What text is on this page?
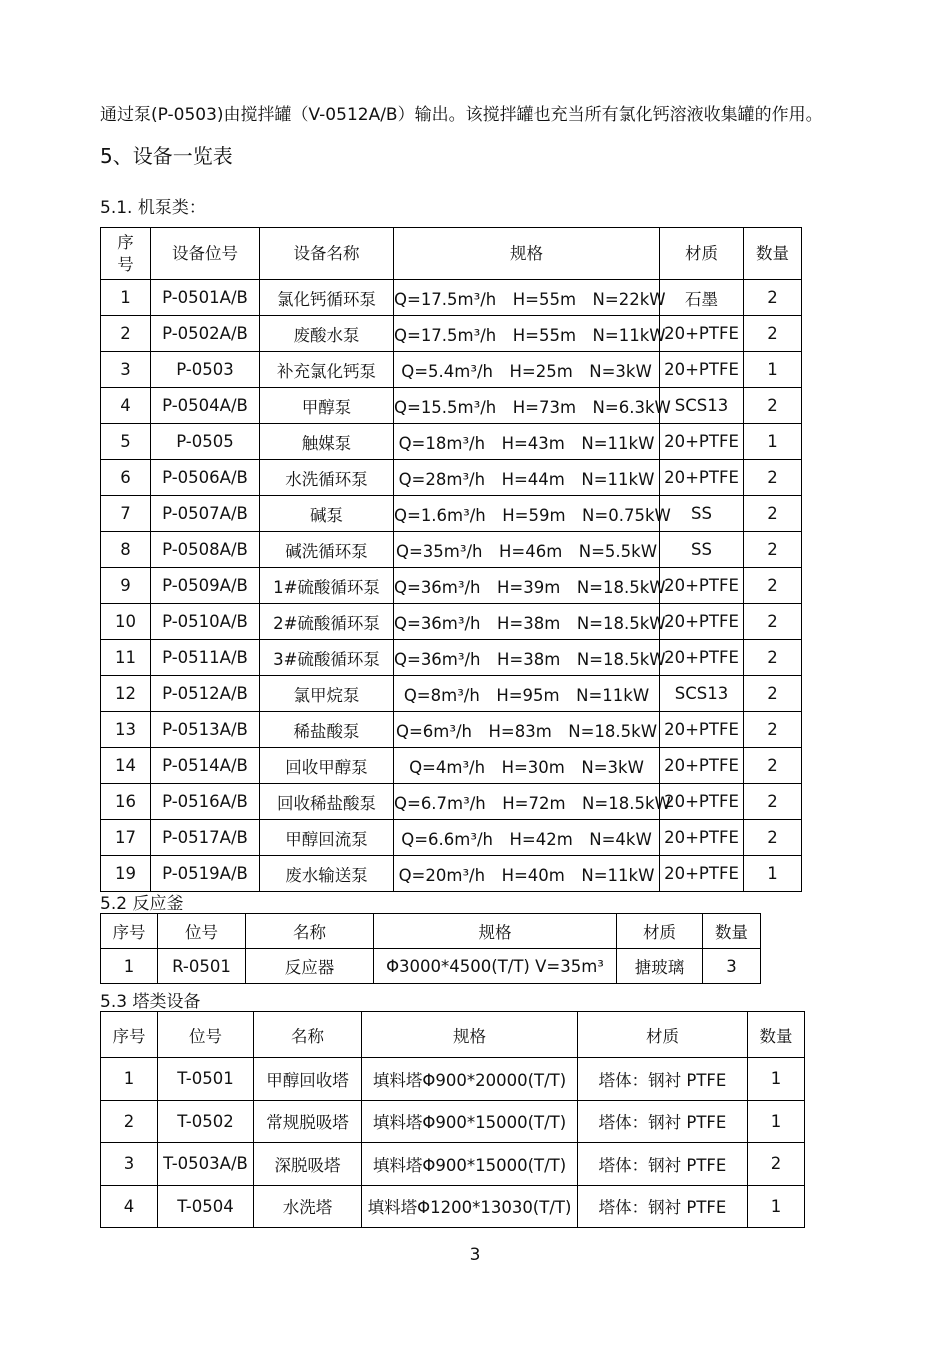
通过泵(P-0503)由搅拌罐（V-0512A/B）输出。该搅拌罐也充当所有氯化钙溶液收集罐的作用。
5、设备一览表
5.1. 机泵类：
序
号	设备位号	设备名称	规格	材质	数量
1	P-0501A/B	氯化钙循环泵	Q=17.5m³/h　H=55m　N=22kW	石墨	2
2	P-0502A/B	废酸水泵	Q=17.5m³/h　H=55m　N=11kW	20+PTFE	2
3	P-0503	补充氯化钙泵	Q=5.4m³/h　H=25m　N=3kW	20+PTFE	1
4	P-0504A/B	甲醇泵	Q=15.5m³/h　H=73m　N=6.3kW	SCS13	2
5	P-0505	触媒泵	Q=18m³/h　H=43m　N=11kW	20+PTFE	1
6	P-0506A/B	水洗循环泵	Q=28m³/h　H=44m　N=11kW	20+PTFE	2
7	P-0507A/B	碱泵	Q=1.6m³/h　H=59m　N=0.75kW	SS	2
8	P-0508A/B	碱洗循环泵	Q=35m³/h　H=46m　N=5.5kW	SS	2
9	P-0509A/B	1#硫酸循环泵	Q=36m³/h　H=39m　N=18.5kW	20+PTFE	2
10	P-0510A/B	2#硫酸循环泵	Q=36m³/h　H=38m　N=18.5kW	20+PTFE	2
11	P-0511A/B	3#硫酸循环泵	Q=36m³/h　H=38m　N=18.5kW	20+PTFE	2
12	P-0512A/B	氯甲烷泵	Q=8m³/h　H=95m　N=11kW	SCS13	2
13	P-0513A/B	稀盐酸泵	Q=6m³/h　H=83m　N=18.5kW	20+PTFE	2
14	P-0514A/B	回收甲醇泵	Q=4m³/h　H=30m　N=3kW	20+PTFE	2
16	P-0516A/B	回收稀盐酸泵	Q=6.7m³/h　H=72m　N=18.5kW	20+PTFE	2
17	P-0517A/B	甲醇回流泵	Q=6.6m³/h　H=42m　N=4kW	20+PTFE	2
19	P-0519A/B	废水输送泵	Q=20m³/h　H=40m　N=11kW	20+PTFE	1
5.2 反应釜
序号	位号	名称	规格	材质	数量
1	R-0501	反应器	Φ3000*4500(T/T) V=35m³	搪玻璃	3
5.3 塔类设备
序号	位号	名称	规格	材质	数量
1	T-0501	甲醇回收塔	填料塔Φ900*20000(T/T)	塔体：钢衬 PTFE	1
2	T-0502	常规脱吸塔	填料塔Φ900*15000(T/T)	塔体：钢衬 PTFE	1
3	T-0503A/B	深脱吸塔	填料塔Φ900*15000(T/T)	塔体：钢衬 PTFE	2
4	T-0504	水洗塔	填料塔Φ1200*13030(T/T)	塔体：钢衬 PTFE	1
3
